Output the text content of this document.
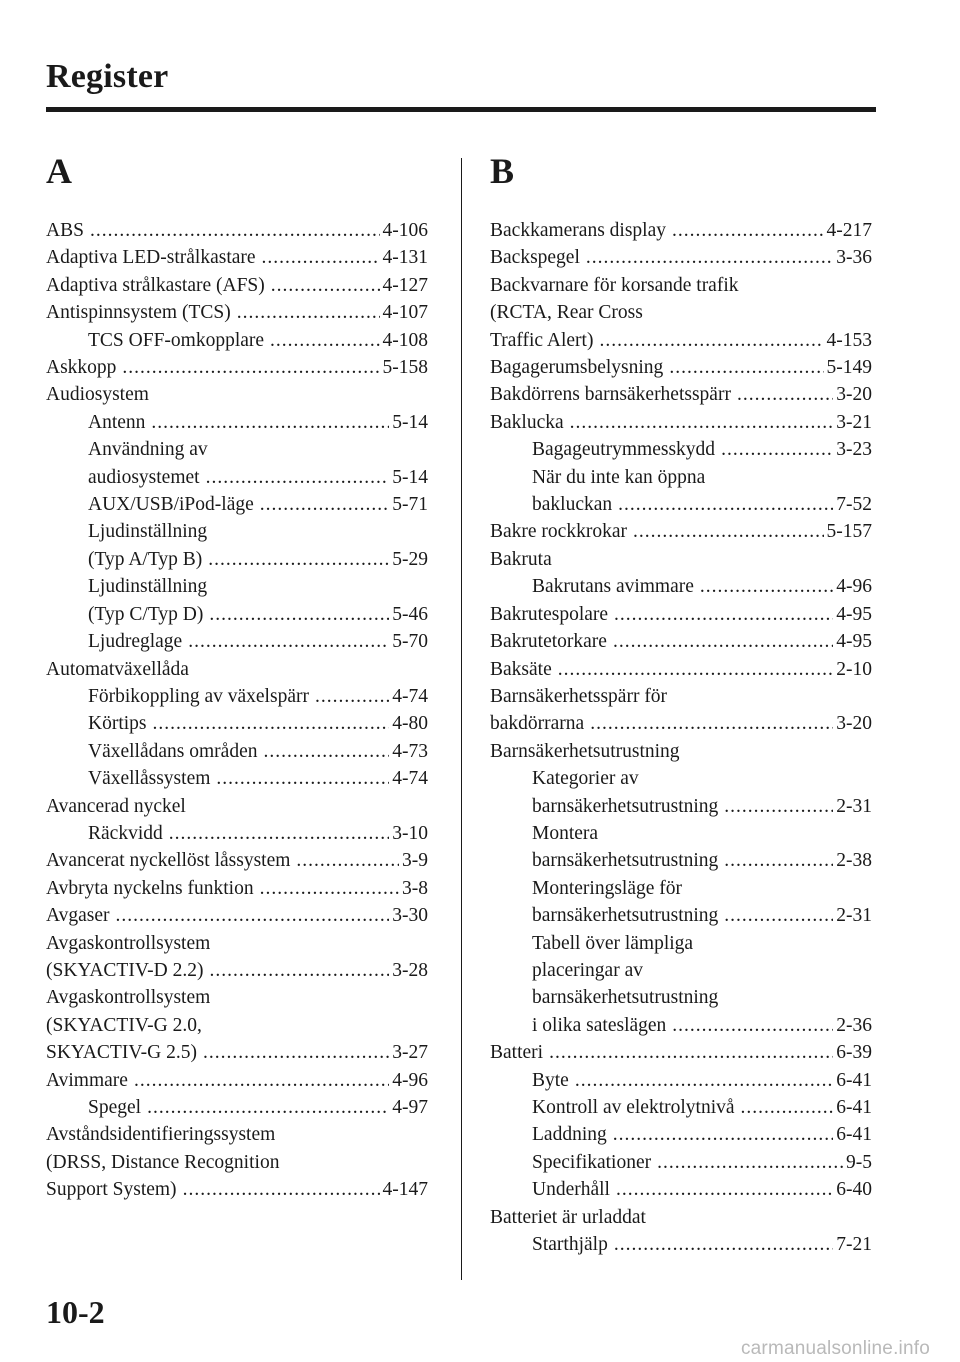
Register
A	B
ABS .....	4-106
Adaptiva LED-strålkastare .....	4-131
Adaptiva strålkastare (AFS) .....	4-127
Antispinnsystem (TCS) .....	4-107
TCS OFF-omkopplare .....	4-108
Askkopp .....	5-158
Audiosystem
Antenn .....	5-14
Användning av
audiosystemet .....	5-14
AUX/USB/iPod-läge .....	5-71
Ljudinställning
(Typ A/Typ B) .....	5-29
Ljudinställning
(Typ C/Typ D) .....	5-46
Ljudreglage .....	5-70
Automatväxellåda
Förbikoppling av växelspärr .....	4-74
Körtips .....	4-80
Växellådans områden .....	4-73
Växellåssystem .....	4-74
Avancerad nyckel
Räckvidd .....	3-10
Avancerat nyckellöst låssystem .....	3-9
Avbryta nyckelns funktion .....	3-8
Avgaser .....	3-30
Avgaskontrollsystem
(SKYACTIV-D 2.2) .....	3-28
Avgaskontrollsystem
(SKYACTIV-G 2.0,
SKYACTIV-G 2.5) .....	3-27
Avimmare .....	4-96
Spegel .....	4-97
Avståndsidentifieringssystem
(DRSS, Distance Recognition
Support System) .....	4-147
Backkamerans display .....	4-217
Backspegel .....	3-36
Backvarnare för korsande trafik
(RCTA, Rear Cross
Traffic Alert) .....	4-153
Bagagerumsbelysning .....	5-149
Bakdörrens barnsäkerhetsspärr .....	3-20
Baklucka .....	3-21
Bagageutrymmesskydd .....	3-23
När du inte kan öppna
bakluckan .....	7-52
Bakre rockkrokar .....	5-157
Bakruta
Bakrutans avimmare .....	4-96
Bakrutespolare .....	4-95
Bakrutetorkare .....	4-95
Baksäte .....	2-10
Barnsäkerhetsspärr för
bakdörrarna .....	3-20
Barnsäkerhetsutrustning
Kategorier av
barnsäkerhetsutrustning .....	2-31
Montera
barnsäkerhetsutrustning .....	2-38
Monteringsläge för
barnsäkerhetsutrustning .....	2-31
Tabell över lämpliga
placeringar av
barnsäkerhetsutrustning
i olika sateslägen .....	2-36
Batteri .....	6-39
Byte .....	6-41
Kontroll av elektrolytnivå .....	6-41
Laddning .....	6-41
Specifikationer .....	9-5
Underhåll .....	6-40
Batteriet är urladdat
Starthjälp .....	7-21
10-2
carmanualsonline.info
